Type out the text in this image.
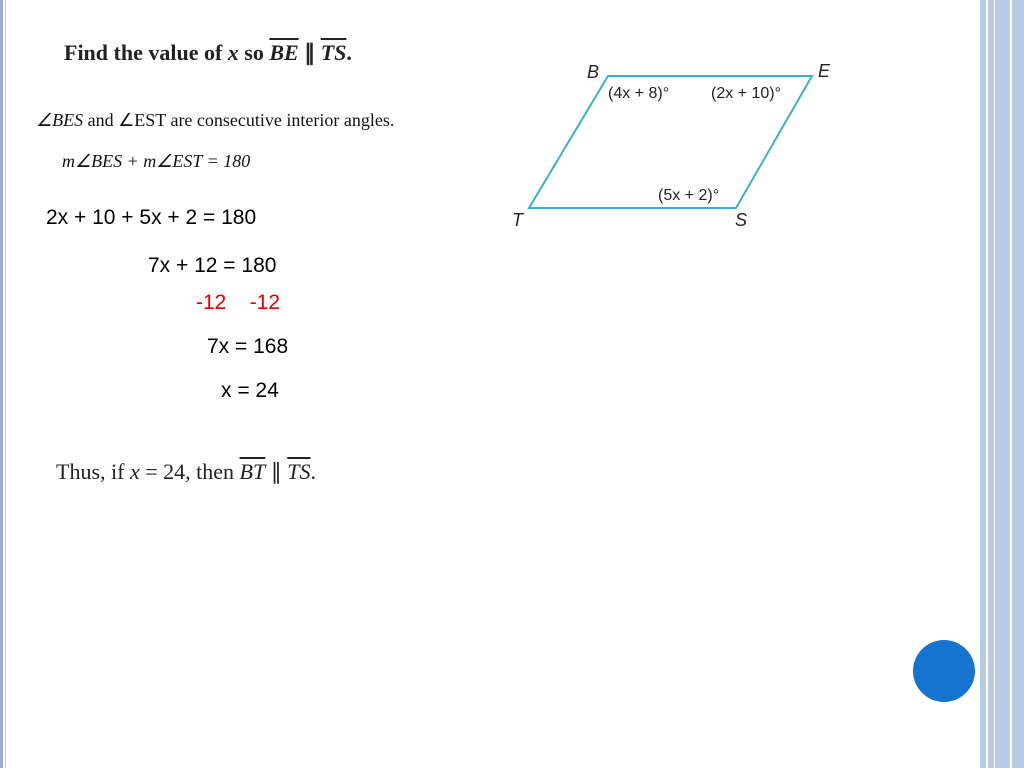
Find the value of x so $\overline{BE}$ ∥ $\overline{TS}$.
∠BES and ∠EST are consecutive interior angles.
m∠BES + m∠EST = 180
2x + 10 + 5x + 2 = 180
7x + 12 = 180
-12    -12
7x = 168
x = 24
Thus, if x = 24, then $\overline{BT}$ ∥ $\overline{TS}$.
B	E
T	S
(4x + 8)°	(2x + 10)°
(5x + 2)°
